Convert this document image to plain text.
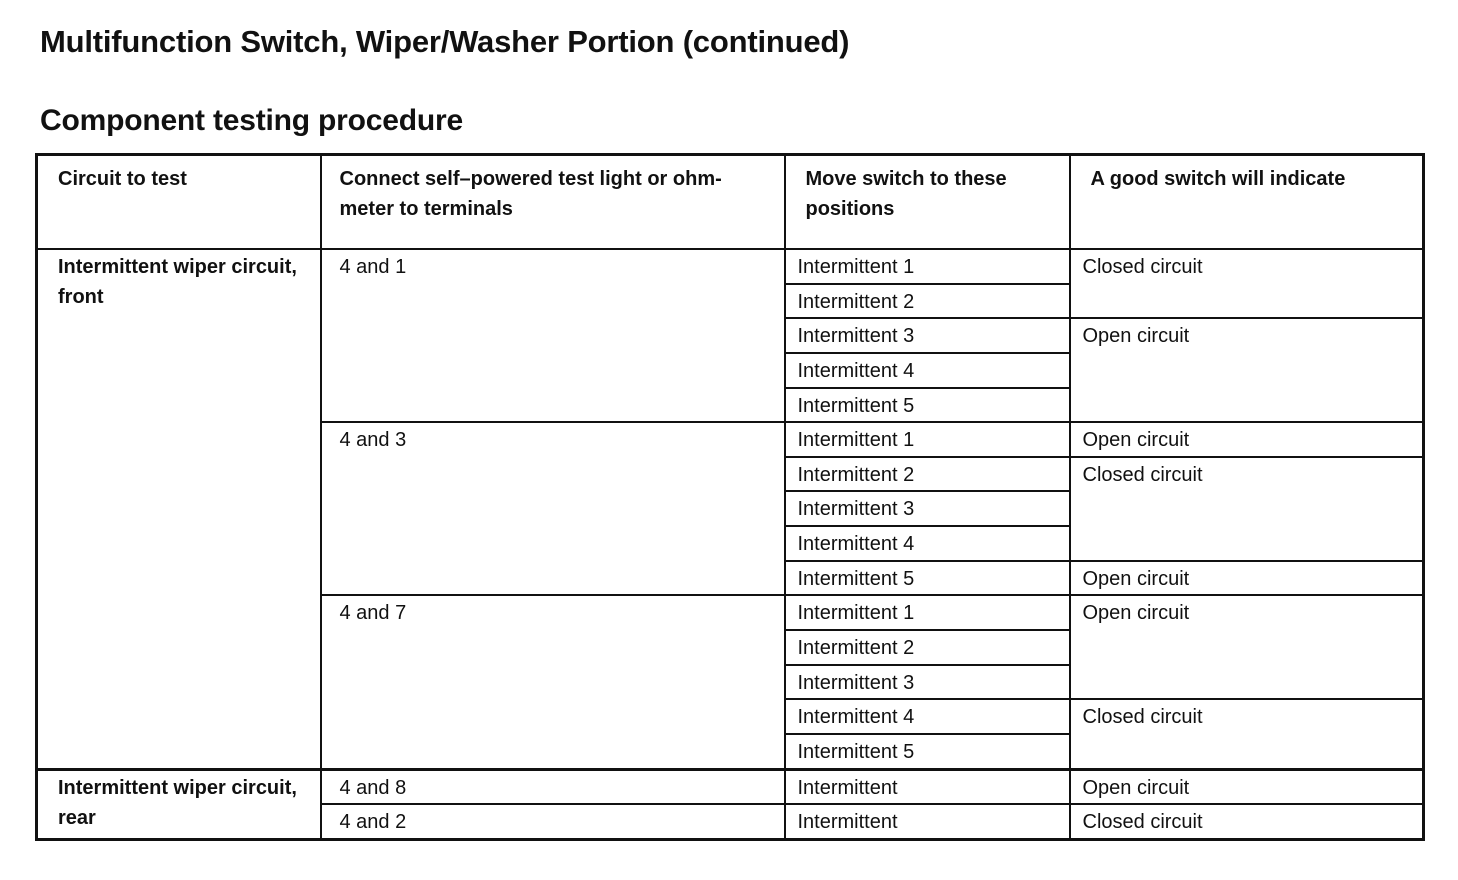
Multifunction Switch, Wiper/Washer Portion (continued)
Component testing procedure
Circuit to test	Connect self–powered test light or ohm-meter to terminals	Move switch to these positions	A good switch will indicate
Intermittent wiper circuit, front	4 and 1	Intermittent 1	Closed circuit
		Intermittent 2	
		Intermittent 3	Open circuit
		Intermittent 4	
		Intermittent 5	
	4 and 3	Intermittent 1	Open circuit
		Intermittent 2	Closed circuit
		Intermittent 3	
		Intermittent 4	
		Intermittent 5	Open circuit
	4 and 7	Intermittent 1	Open circuit
		Intermittent 2	
		Intermittent 3	
		Intermittent 4	Closed circuit
		Intermittent 5	
Intermittent wiper circuit, rear	4 and 8	Intermittent	Open circuit
	4 and 2	Intermittent	Closed circuit
